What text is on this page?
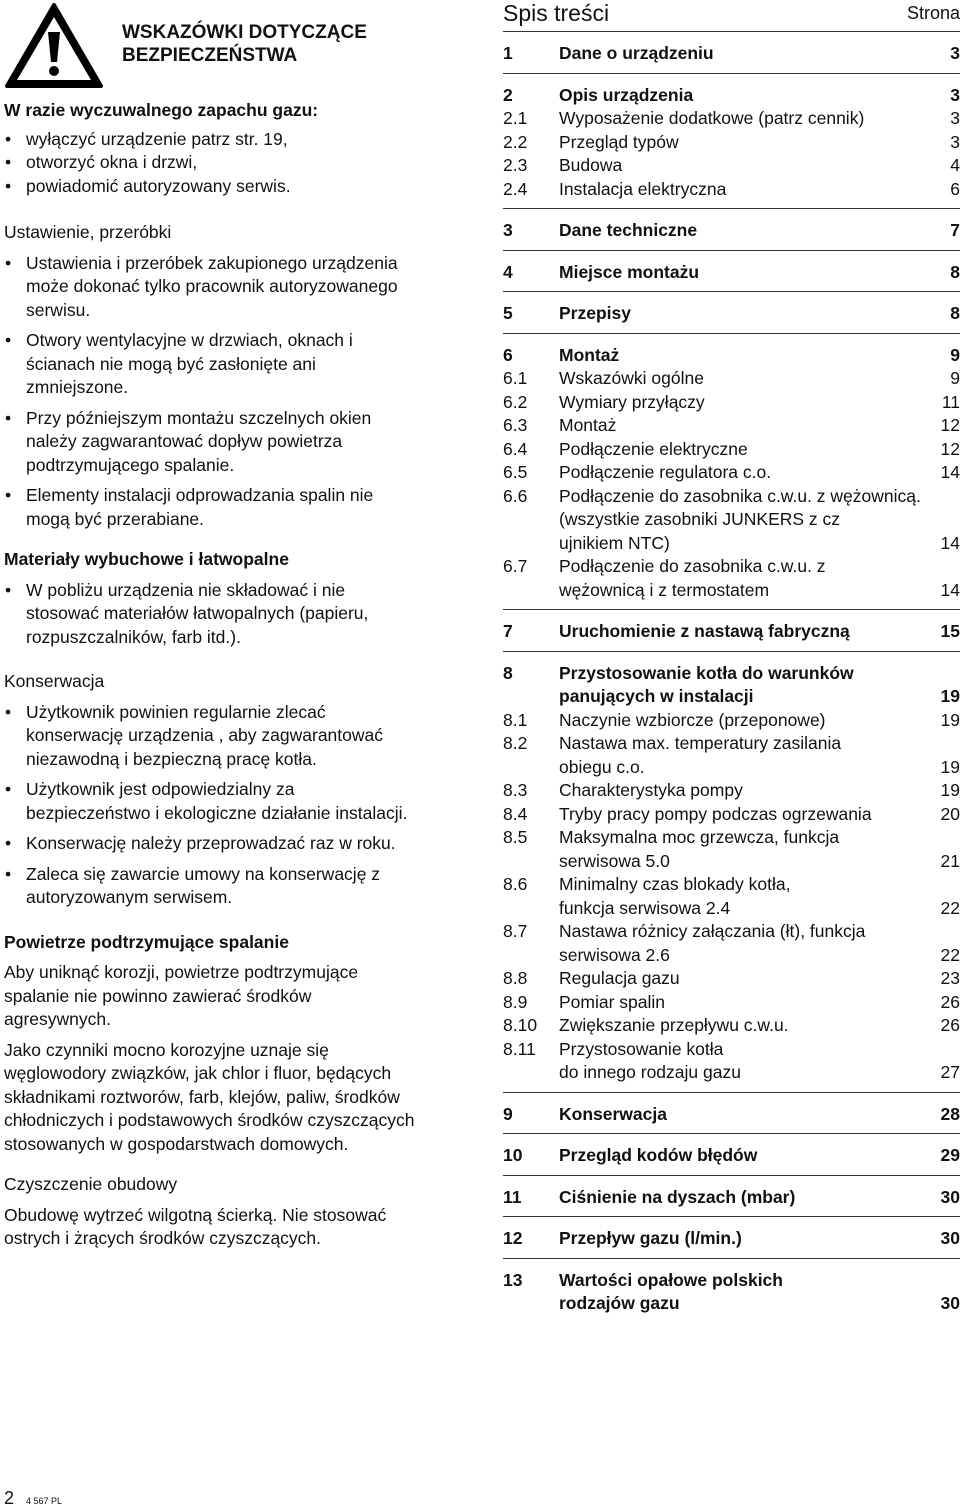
WSKAZÓWKI DOTYCZĄCE
BEZPIECZEŃSTWA

W razie wyczuwalnego zapachu gazu:

• wyłączyć urządzenie patrz str. 19,
• otworzyć okna i drzwi,
• powiadomić autoryzowany serwis.

Ustawienie, przeróbki

• Ustawienia i przeróbek zakupionego urządzenia
może dokonać tylko pracownik autoryzowanego
serwisu.
• Otwory wentylacyjne w drzwiach, oknach i
ścianach nie mogą być zasłonięte ani
zmniejszone.
• Przy późniejszym montażu szczelnych okien
należy zagwarantować dopływ powietrza
podtrzymującego spalanie.
• Elementy instalacji odprowadzania spalin nie
mogą być przerabiane.

Materiały wybuchowe i łatwopalne

• W pobliżu urządzenia nie składować i nie
stosować materiałów łatwopalnych (papieru,
rozpuszczalników, farb itd.).

Konserwacja

• Użytkownik powinien regularnie zlecać
konserwację urządzenia , aby zagwarantować
niezawodną i bezpieczną pracę kotła.
• Użytkownik jest odpowiedzialny za
bezpieczeństwo i ekologiczne działanie instalacji.
• Konserwację należy przeprowadzać raz w roku.
• Zaleca się zawarcie umowy na konserwację z
autoryzowanym serwisem.

Powietrze podtrzymujące spalanie

Aby uniknąć korozji, powietrze podtrzymujące
spalanie nie powinno zawierać środków
agresywnych.

Jako czynniki mocno korozyjne uznaje się
węglowodory związków, jak chlor i fluor, będących
składnikami roztworów, farb, klejów, paliw, środków
chłodniczych i podstawowych środków czyszczących
stosowanych w gospodarstwach domowych.

Czyszczenie obudowy

Obudowę wytrzeć wilgotną ścierką. Nie stosować
ostrych i żrących środków czyszczących.

Spis treści	Strona
1	Dane o urządzeniu	3
2	Opis urządzenia	3
2.1 Wyposażenie dodatkowe (patrz cennik)	3
2.2 Przegląd typów	3
2.3 Budowa	4
2.4 Instalacja elektryczna	6
3	Dane techniczne	7
4	Miejsce montażu	8
5	Przepisy	8
6	Montaż	9
6.1 Wskazówki ogólne	9
6.2 Wymiary przyłączy	11
6.3 Montaż	12
6.4 Podłączenie elektryczne	12
6.5 Podłączenie regulatora c.o.	14
6.6 Podłączenie do zasobnika c.w.u. z wężownicą.
(wszystkie zasobniki JUNKERS z cz
ujnikiem NTC)	14
6.7 Podłączenie do zasobnika c.w.u. z
wężownicą i z termostatem	14
7	Uruchomienie z nastawą fabryczną	15
8	Przystosowanie kotła do warunków
panujących w instalacji	19
8.1 Naczynie wzbiorcze (przeponowe)	19
8.2 Nastawa max. temperatury zasilania
obiegu c.o.	19
8.3 Charakterystyka pompy	19
8.4 Tryby pracy pompy podczas ogrzewania	20
8.5 Maksymalna moc grzewcza, funkcja
serwisowa 5.0	21
8.6 Minimalny czas blokady kotła,
funkcja serwisowa 2.4	22
8.7 Nastawa różnicy załączania (łt), funkcja
serwisowa 2.6	22
8.8 Regulacja gazu	23
8.9 Pomiar spalin	26
8.10 Zwiększanie przepływu c.w.u.	26
8.11 Przystosowanie kotła
do innego rodzaju gazu	27
9	Konserwacja	28
10 Przegląd kodów błędów	29
11 Ciśnienie na dyszach (mbar)	30
12 Przepływ gazu (l/min.)	30
13 Wartości opałowe polskich
rodzajów gazu	30
2 4 567 PL
